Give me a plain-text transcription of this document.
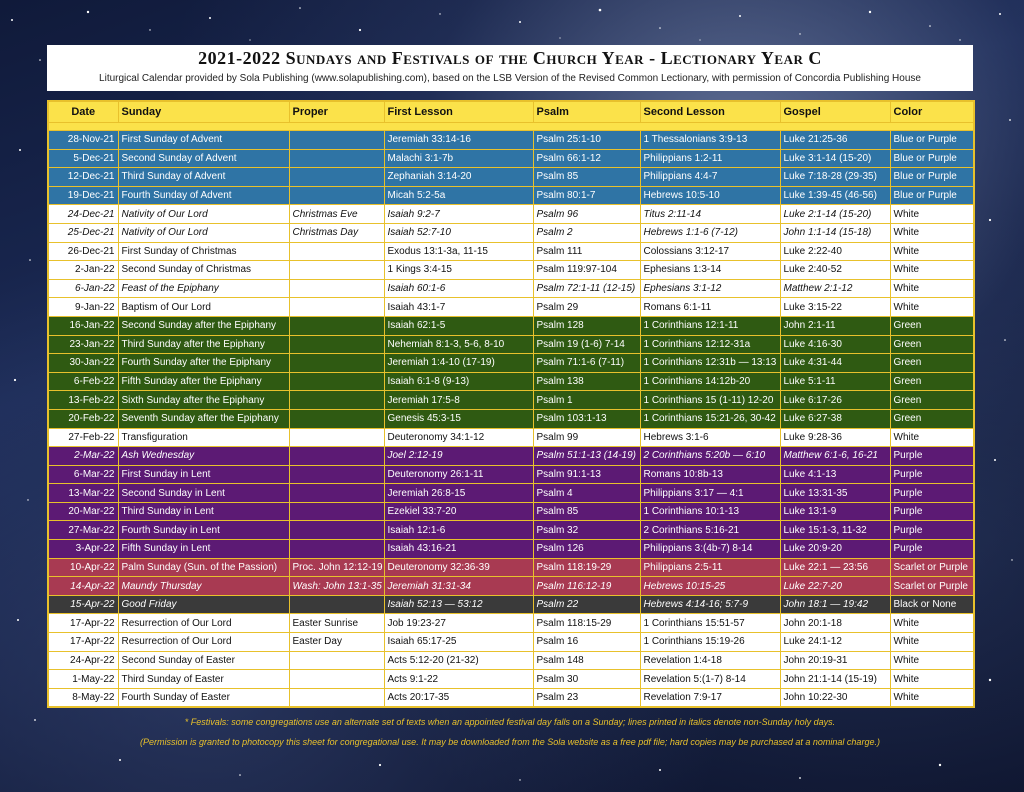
2021-2022 Sundays and Festivals of the Church Year - Lectionary Year C
Liturgical Calendar provided by Sola Publishing (www.solapublishing.com), based on the LSB Version of the Revised Common Lectionary, with permission of Concordia Publishing House
Date	Sunday	Proper	First Lesson	Psalm	Second Lesson	Gospel	Color

28-Nov-21	First Sunday of Advent		Jeremiah 33:14-16	Psalm 25:1-10	1 Thessalonians 3:9-13	Luke 21:25-36	Blue or Purple
5-Dec-21	Second Sunday of Advent		Malachi 3:1-7b	Psalm 66:1-12	Philippians 1:2-11	Luke 3:1-14 (15-20)	Blue or Purple
12-Dec-21	Third Sunday of Advent		Zephaniah 3:14-20	Psalm 85	Philippians 4:4-7	Luke 7:18-28 (29-35)	Blue or Purple
19-Dec-21	Fourth Sunday of Advent		Micah 5:2-5a	Psalm 80:1-7	Hebrews 10:5-10	Luke 1:39-45 (46-56)	Blue or Purple
24-Dec-21	Nativity of Our Lord	Christmas Eve	Isaiah 9:2-7	Psalm 96	Titus 2:11-14	Luke 2:1-14 (15-20)	White
25-Dec-21	Nativity of Our Lord	Christmas Day	Isaiah 52:7-10	Psalm 2	Hebrews 1:1-6 (7-12)	John 1:1-14 (15-18)	White
26-Dec-21	First Sunday of Christmas		Exodus 13:1-3a, 11-15	Psalm 111	Colossians 3:12-17	Luke 2:22-40	White
2-Jan-22	Second Sunday of Christmas		1 Kings 3:4-15	Psalm 119:97-104	Ephesians 1:3-14	Luke 2:40-52	White
6-Jan-22	Feast of the Epiphany		Isaiah 60:1-6	Psalm 72:1-11 (12-15)	Ephesians 3:1-12	Matthew 2:1-12	White
9-Jan-22	Baptism of Our Lord		Isaiah 43:1-7	Psalm 29	Romans 6:1-11	Luke 3:15-22	White
16-Jan-22	Second Sunday after the Epiphany		Isaiah 62:1-5	Psalm 128	1 Corinthians 12:1-11	John 2:1-11	Green
23-Jan-22	Third Sunday after the Epiphany		Nehemiah 8:1-3, 5-6, 8-10	Psalm 19 (1-6) 7-14	1 Corinthians 12:12-31a	Luke 4:16-30	Green
30-Jan-22	Fourth Sunday after the Epiphany		Jeremiah 1:4-10 (17-19)	Psalm 71:1-6 (7-11)	1 Corinthians 12:31b — 13:13	Luke 4:31-44	Green
6-Feb-22	Fifth Sunday after the Epiphany		Isaiah 6:1-8 (9-13)	Psalm 138	1 Corinthians 14:12b-20	Luke 5:1-11	Green
13-Feb-22	Sixth Sunday after the Epiphany		Jeremiah 17:5-8	Psalm 1	1 Corinthians 15 (1-11) 12-20	Luke 6:17-26	Green
20-Feb-22	Seventh Sunday after the Epiphany		Genesis 45:3-15	Psalm 103:1-13	1 Corinthians 15:21-26, 30-42	Luke 6:27-38	Green
27-Feb-22	Transfiguration		Deuteronomy 34:1-12	Psalm 99	Hebrews 3:1-6	Luke 9:28-36	White
2-Mar-22	Ash Wednesday		Joel 2:12-19	Psalm 51:1-13 (14-19)	2 Corinthians 5:20b — 6:10	Matthew 6:1-6, 16-21	Purple
6-Mar-22	First Sunday in Lent		Deuteronomy 26:1-11	Psalm 91:1-13	Romans 10:8b-13	Luke 4:1-13	Purple
13-Mar-22	Second Sunday in Lent		Jeremiah 26:8-15	Psalm 4	Philippians 3:17 — 4:1	Luke 13:31-35	Purple
20-Mar-22	Third Sunday in Lent		Ezekiel 33:7-20	Psalm 85	1 Corinthians 10:1-13	Luke 13:1-9	Purple
27-Mar-22	Fourth Sunday in Lent		Isaiah 12:1-6	Psalm 32	2 Corinthians 5:16-21	Luke 15:1-3, 11-32	Purple
3-Apr-22	Fifth Sunday in Lent		Isaiah 43:16-21	Psalm 126	Philippians 3:(4b-7) 8-14	Luke 20:9-20	Purple
10-Apr-22	Palm Sunday (Sun. of the Passion)	Proc. John 12:12-19	Deuteronomy 32:36-39	Psalm 118:19-29	Philippians 2:5-11	Luke 22:1 — 23:56	Scarlet or Purple
14-Apr-22	Maundy Thursday	Wash: John 13:1-35	Jeremiah 31:31-34	Psalm 116:12-19	Hebrews 10:15-25	Luke 22:7-20	Scarlet or Purple
15-Apr-22	Good Friday		Isaiah 52:13 — 53:12	Psalm 22	Hebrews 4:14-16; 5:7-9	John 18:1 — 19:42	Black or None
17-Apr-22	Resurrection of Our Lord	Easter Sunrise	Job 19:23-27	Psalm 118:15-29	1 Corinthians 15:51-57	John 20:1-18	White
17-Apr-22	Resurrection of Our Lord	Easter Day	Isaiah 65:17-25	Psalm 16	1 Corinthians 15:19-26	Luke 24:1-12	White
24-Apr-22	Second Sunday of Easter		Acts 5:12-20 (21-32)	Psalm 148	Revelation 1:4-18	John 20:19-31	White
1-May-22	Third Sunday of Easter		Acts 9:1-22	Psalm 30	Revelation 5:(1-7) 8-14	John 21:1-14 (15-19)	White
8-May-22	Fourth Sunday of Easter		Acts 20:17-35	Psalm 23	Revelation 7:9-17	John 10:22-30	White
* Festivals: some congregations use an alternate set of texts when an appointed festival day falls on a Sunday; lines printed in italics denote non-Sunday holy days.
(Permission is granted to photocopy this sheet for congregational use. It may be downloaded from the Sola website as a free pdf file; hard copies may be purchased at a nominal charge.)
